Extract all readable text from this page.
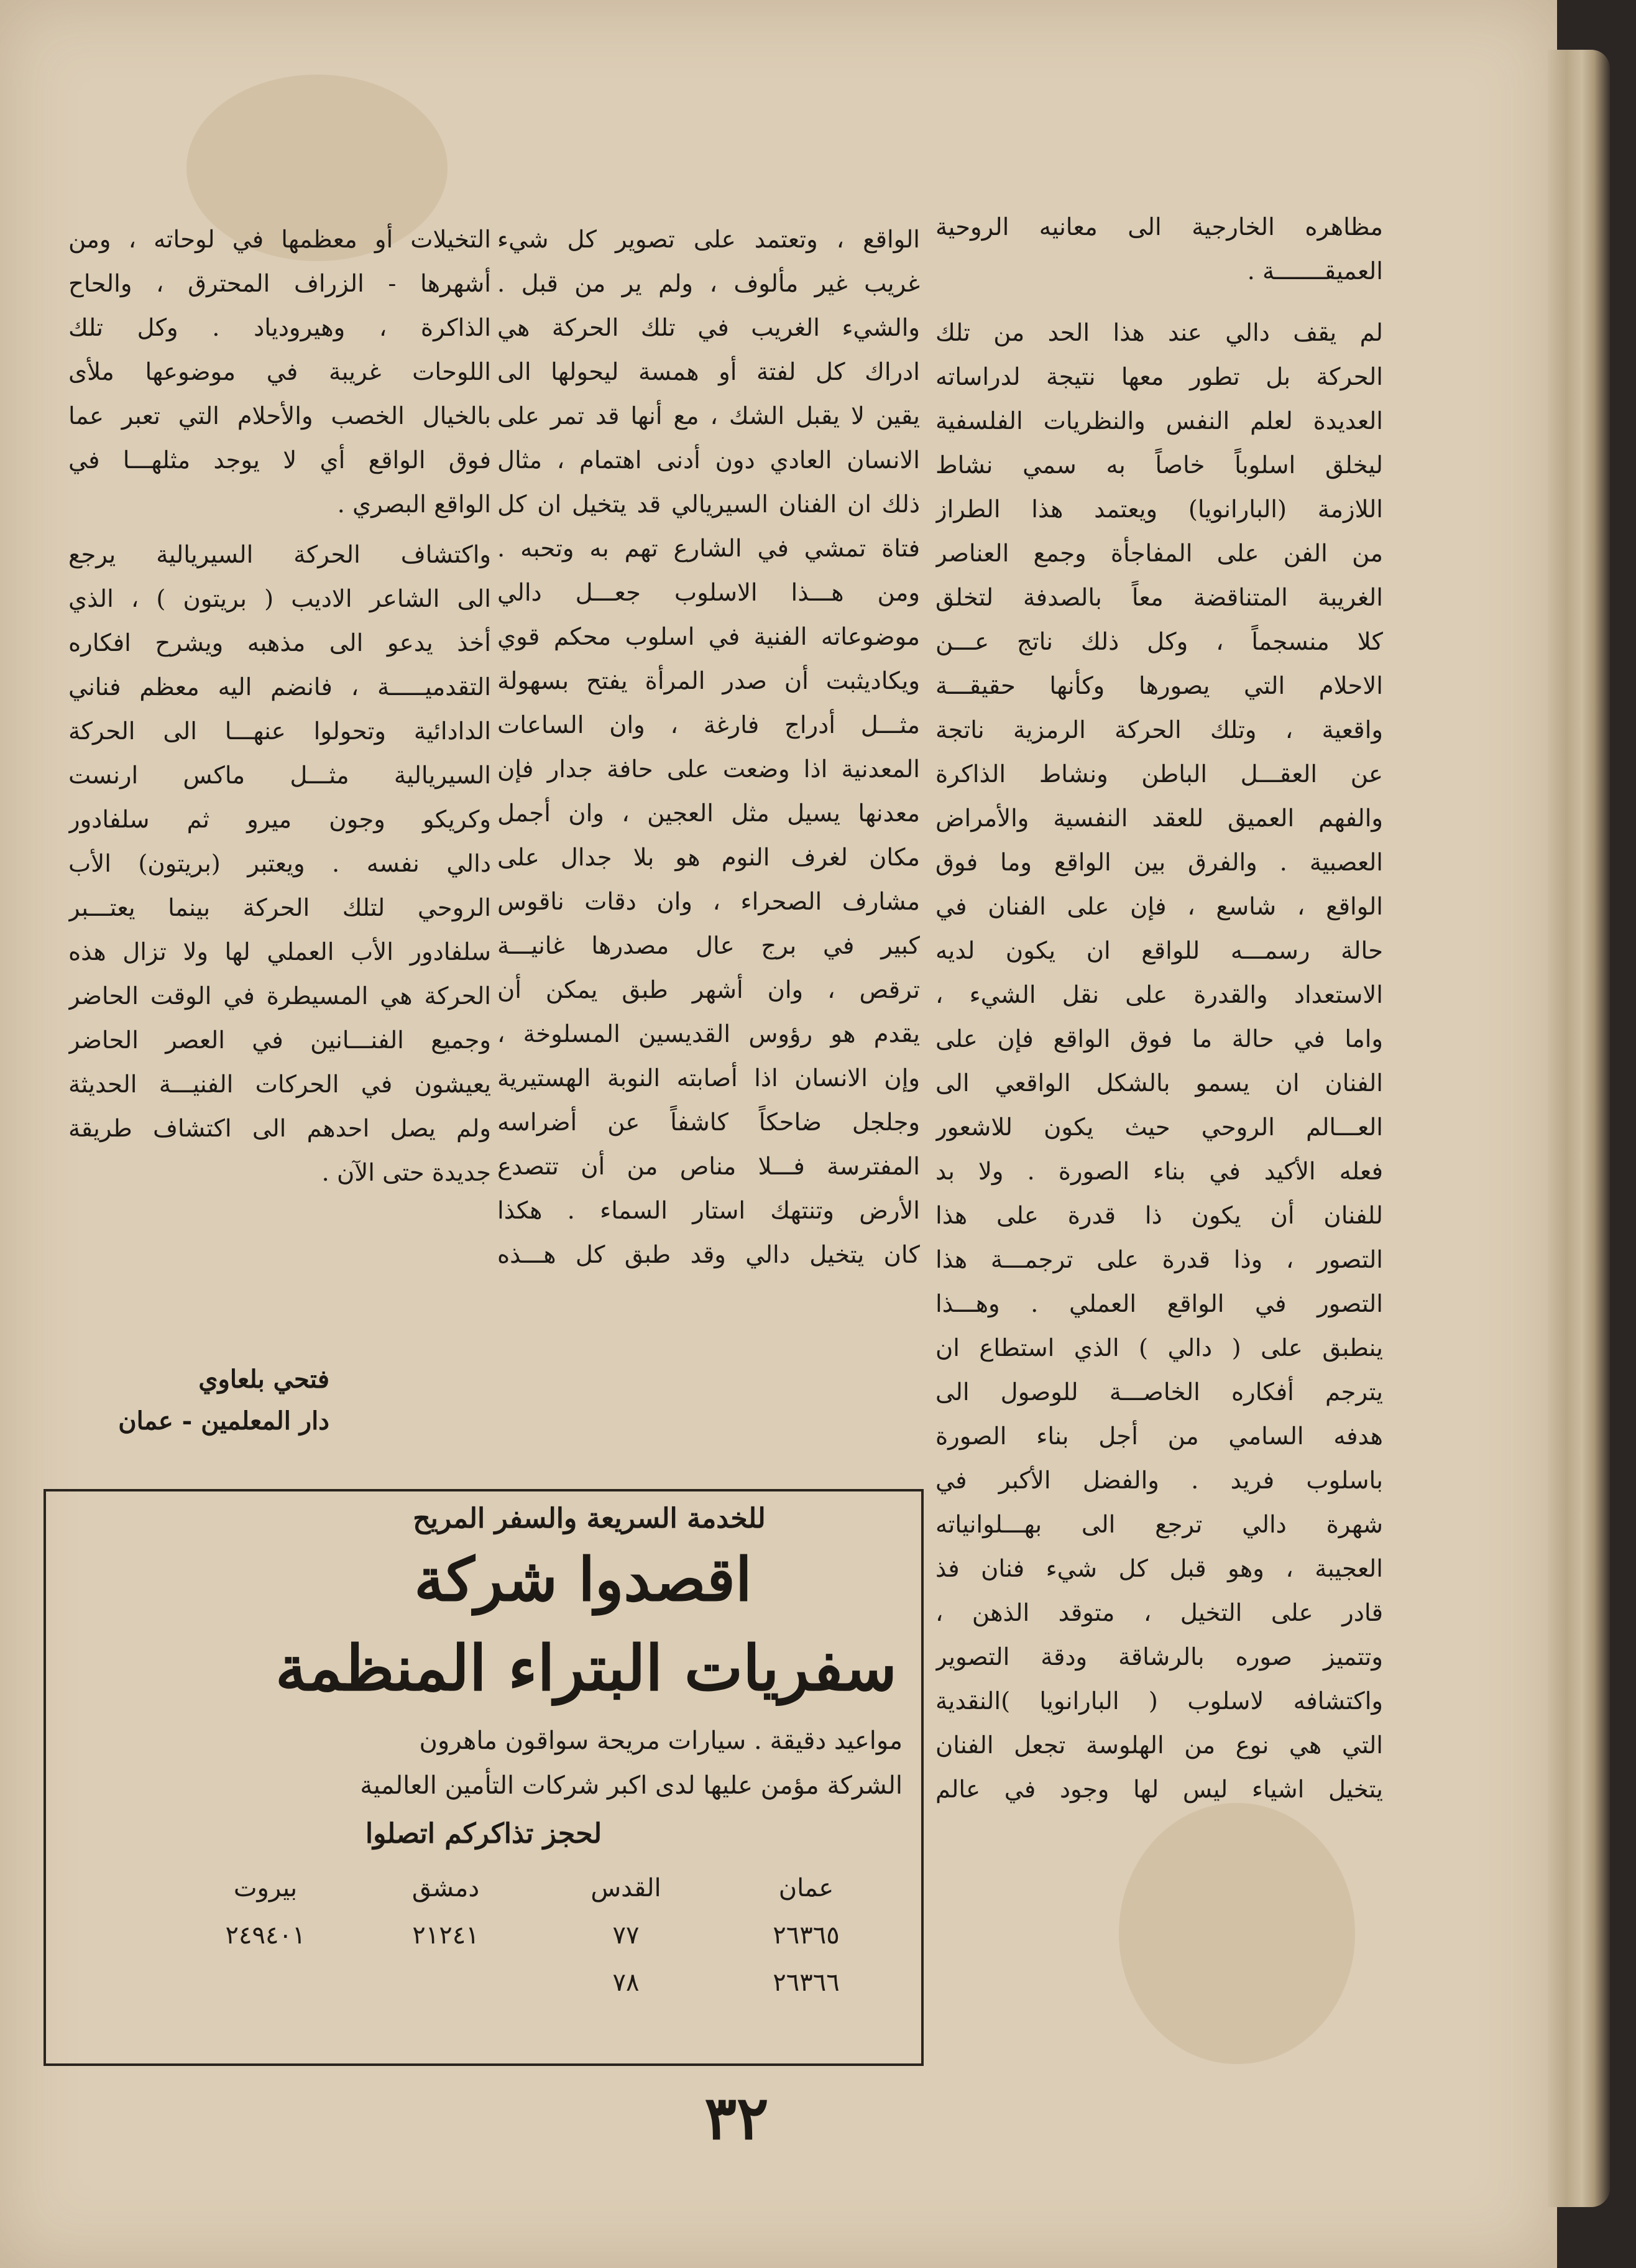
مظاهره الخارجية الى معانيه الروحية
العميقـــــــة .
لم يقف دالي عند هذا الحد من تلك
الحركة بل تطور معها نتيجة لدراساته
العديدة لعلم النفس والنظريات الفلسفية
ليخلق اسلوباً خاصاً به سمي نشاط
اللازمة (البارانويا) ويعتمد هذا الطراز
من الفن على المفاجأة وجمع العناصر
الغريبة المتناقضة معاً بالصدفة لتخلق
كلا منسجماً ، وكل ذلك ناتج عـــن
الاحلام التي يصورها وكأنها حقيقـــة
واقعية ، وتلك الحركة الرمزية ناتجة
عن العقـــل الباطن ونشاط الذاكرة
والفهم العميق للعقد النفسية والأمراض
العصبية . والفرق بين الواقع وما فوق
الواقع ، شاسع ، فإن على الفنان في
حالة رسمـــه للواقع ان يكون لديه
الاستعداد والقدرة على نقل الشيء ،
واما في حالة ما فوق الواقع فإن على
الفنان ان يسمو بالشكل الواقعي الى
العـــالم الروحي حيث يكون للاشعور
فعله الأكيد في بناء الصورة . ولا بد
للفنان أن يكون ذا قدرة على هذا
التصور ، وذا قدرة على ترجمـــة هذا
التصور في الواقع العملي . وهـــذا
ينطبق على ( دالي ) الذي استطاع ان
يترجم أفكاره الخاصـــة للوصول الى
هدفه السامي من أجل بناء الصورة
باسلوب فريد . والفضل الأكبر في
شهرة دالي ترجع الى بهـــلوانياته
العجيبة ، وهو قبل كل شيء فنان فذ
قادر على التخيل ، متوقد الذهن ،
وتتميز صوره بالرشاقة ودقة التصوير
واكتشافه لاسلوب ( البارانويا )النقدية
التي هي نوع من الهلوسة تجعل الفنان
يتخيل اشياء ليس لها وجود في عالم
الواقع ، وتعتمد على تصوير كل شيء
غريب غير مألوف ، ولم ير من قبل .
والشيء الغريب في تلك الحركة هي
ادراك كل لفتة أو همسة ليحولها الى
يقين لا يقبل الشك ، مع أنها قد تمر على
الانسان العادي دون أدنى اهتمام ، مثال
ذلك ان الفنان السيريالي قد يتخيل ان كل
فتاة تمشي في الشارع تهم به وتحبه .
ومن هـــذا الاسلوب جعـــل دالي
موضوعاته الفنية في اسلوب محكم قوي
ويكاديثبت أن صدر المرأة يفتح بسهولة
مثـــل أدراج فارغة ، وان الساعات
المعدنية اذا وضعت على حافة جدار فإن
معدنها يسيل مثل العجين ، وان أجمل
مكان لغرف النوم هو بلا جدال على
مشارف الصحراء ، وان دقات ناقوس
كبير في برج عال مصدرها غانيـــة
ترقص ، وان أشهر طبق يمكن أن
يقدم هو رؤوس القديسين المسلوخة ،
وإن الانسان اذا أصابته النوبة الهستيرية
وجلجل ضاحكاً كاشفاً عن أضراسه
المفترسة فـــلا مناص من أن تتصدع
الأرض وتنتهك استار السماء . هكذا
كان يتخيل دالي وقد طبق كل هـــذه
التخيلات أو معظمها في لوحاته ، ومن
أشهرها - الزراف المحترق ، والحاح
الذاكرة ، وهيرودياد . وكل تلك
اللوحات غريبة في موضوعها ملأى
بالخيال الخصب والأحلام التي تعبر عما
فوق الواقع أي لا يوجد مثلهـــا في
الواقع البصري .
واكتشاف الحركة السيريالية يرجع
الى الشاعر الاديب ( بريتون ) ، الذي
أخذ يدعو الى مذهبه ويشرح افكاره
التقدميـــــة ، فانضم اليه معظم فناني
الدادائية وتحولوا عنهـــا الى الحركة
السيريالية مثـــل ماكس ارنست
وكريكو وجون ميرو ثم سلفادور
دالي نفسه . ويعتبر (بريتون) الأب
الروحي لتلك الحركة بينما يعتـــبر
سلفادور الأب العملي لها ولا تزال هذه
الحركة هي المسيطرة في الوقت الحاضر
وجميع الفنـــانين في العصر الحاضر
يعيشون في الحركات الفنيـــة الحديثة
ولم يصل احدهم الى اكتشاف طريقة
جديدة حتى الآن .
فتحي بلعاوي
دار المعلمين - عمان
للخدمة السريعة والسفر المريح
اقصدوا شركة
سفريات البتراء المنظمة
مواعيد دقيقة . سيارات مريحة سواقون ماهرون
الشركة مؤمن عليها لدى اكبر شركات التأمين العالمية
لحجز تذاكركم اتصلوا
عمان
القدس
دمشق
بيروت
٢٦٣٦٥
٧٧
٢١٢٤١
٢٤٩٤٠١
٢٦٣٦٦
٧٨
٣٢
